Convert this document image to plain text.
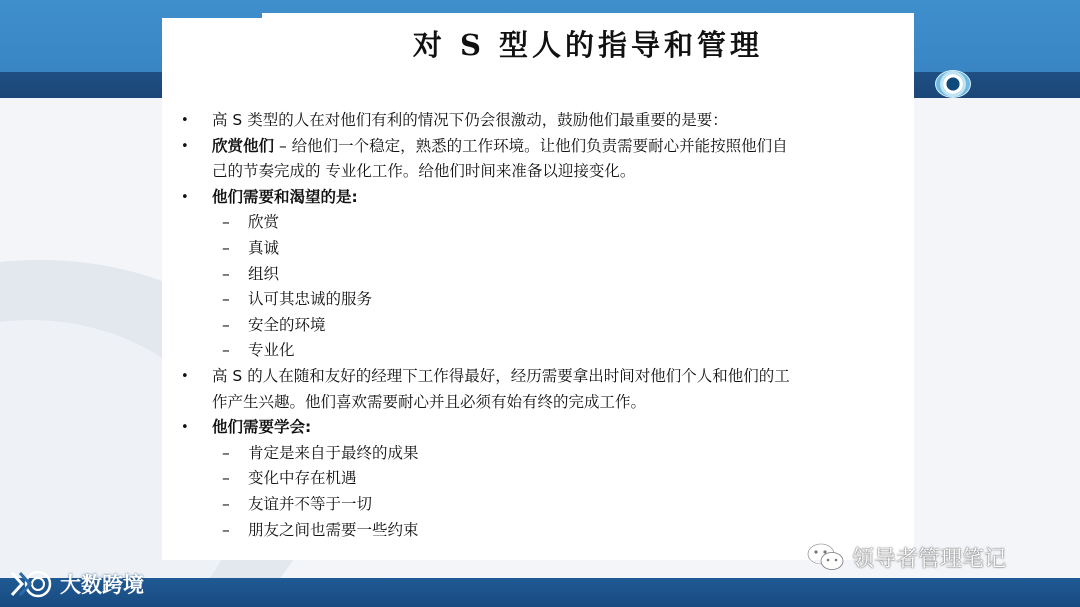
• 高 S 类型的人在对他们有利的情况下仍会很激动，鼓励他们最重要的是要：
• 欣赏他们 – 给他们一个稳定，熟悉的工作环境。让他们负责需要耐心并能按照他们自
己的节奏完成的 专业化工作。给他们时间来准备以迎接变化。
• 他们需要和渴望的是:
– 欣赏
– 真诚
– 组织
– 认可其忠诚的服务
– 安全的环境
– 专业化
• 高 S 的人在随和友好的经理下工作得最好，经历需要拿出时间对他们个人和他们的工
作产生兴趣。他们喜欢需要耐心并且必须有始有终的完成工作。
• 他们需要学会:
– 肯定是来自于最终的成果
– 变化中存在机遇
– 友谊并不等于一切
– 朋友之间也需要一些约束
对 S 型人的指导和管理
领导者管理笔记
大数跨境
